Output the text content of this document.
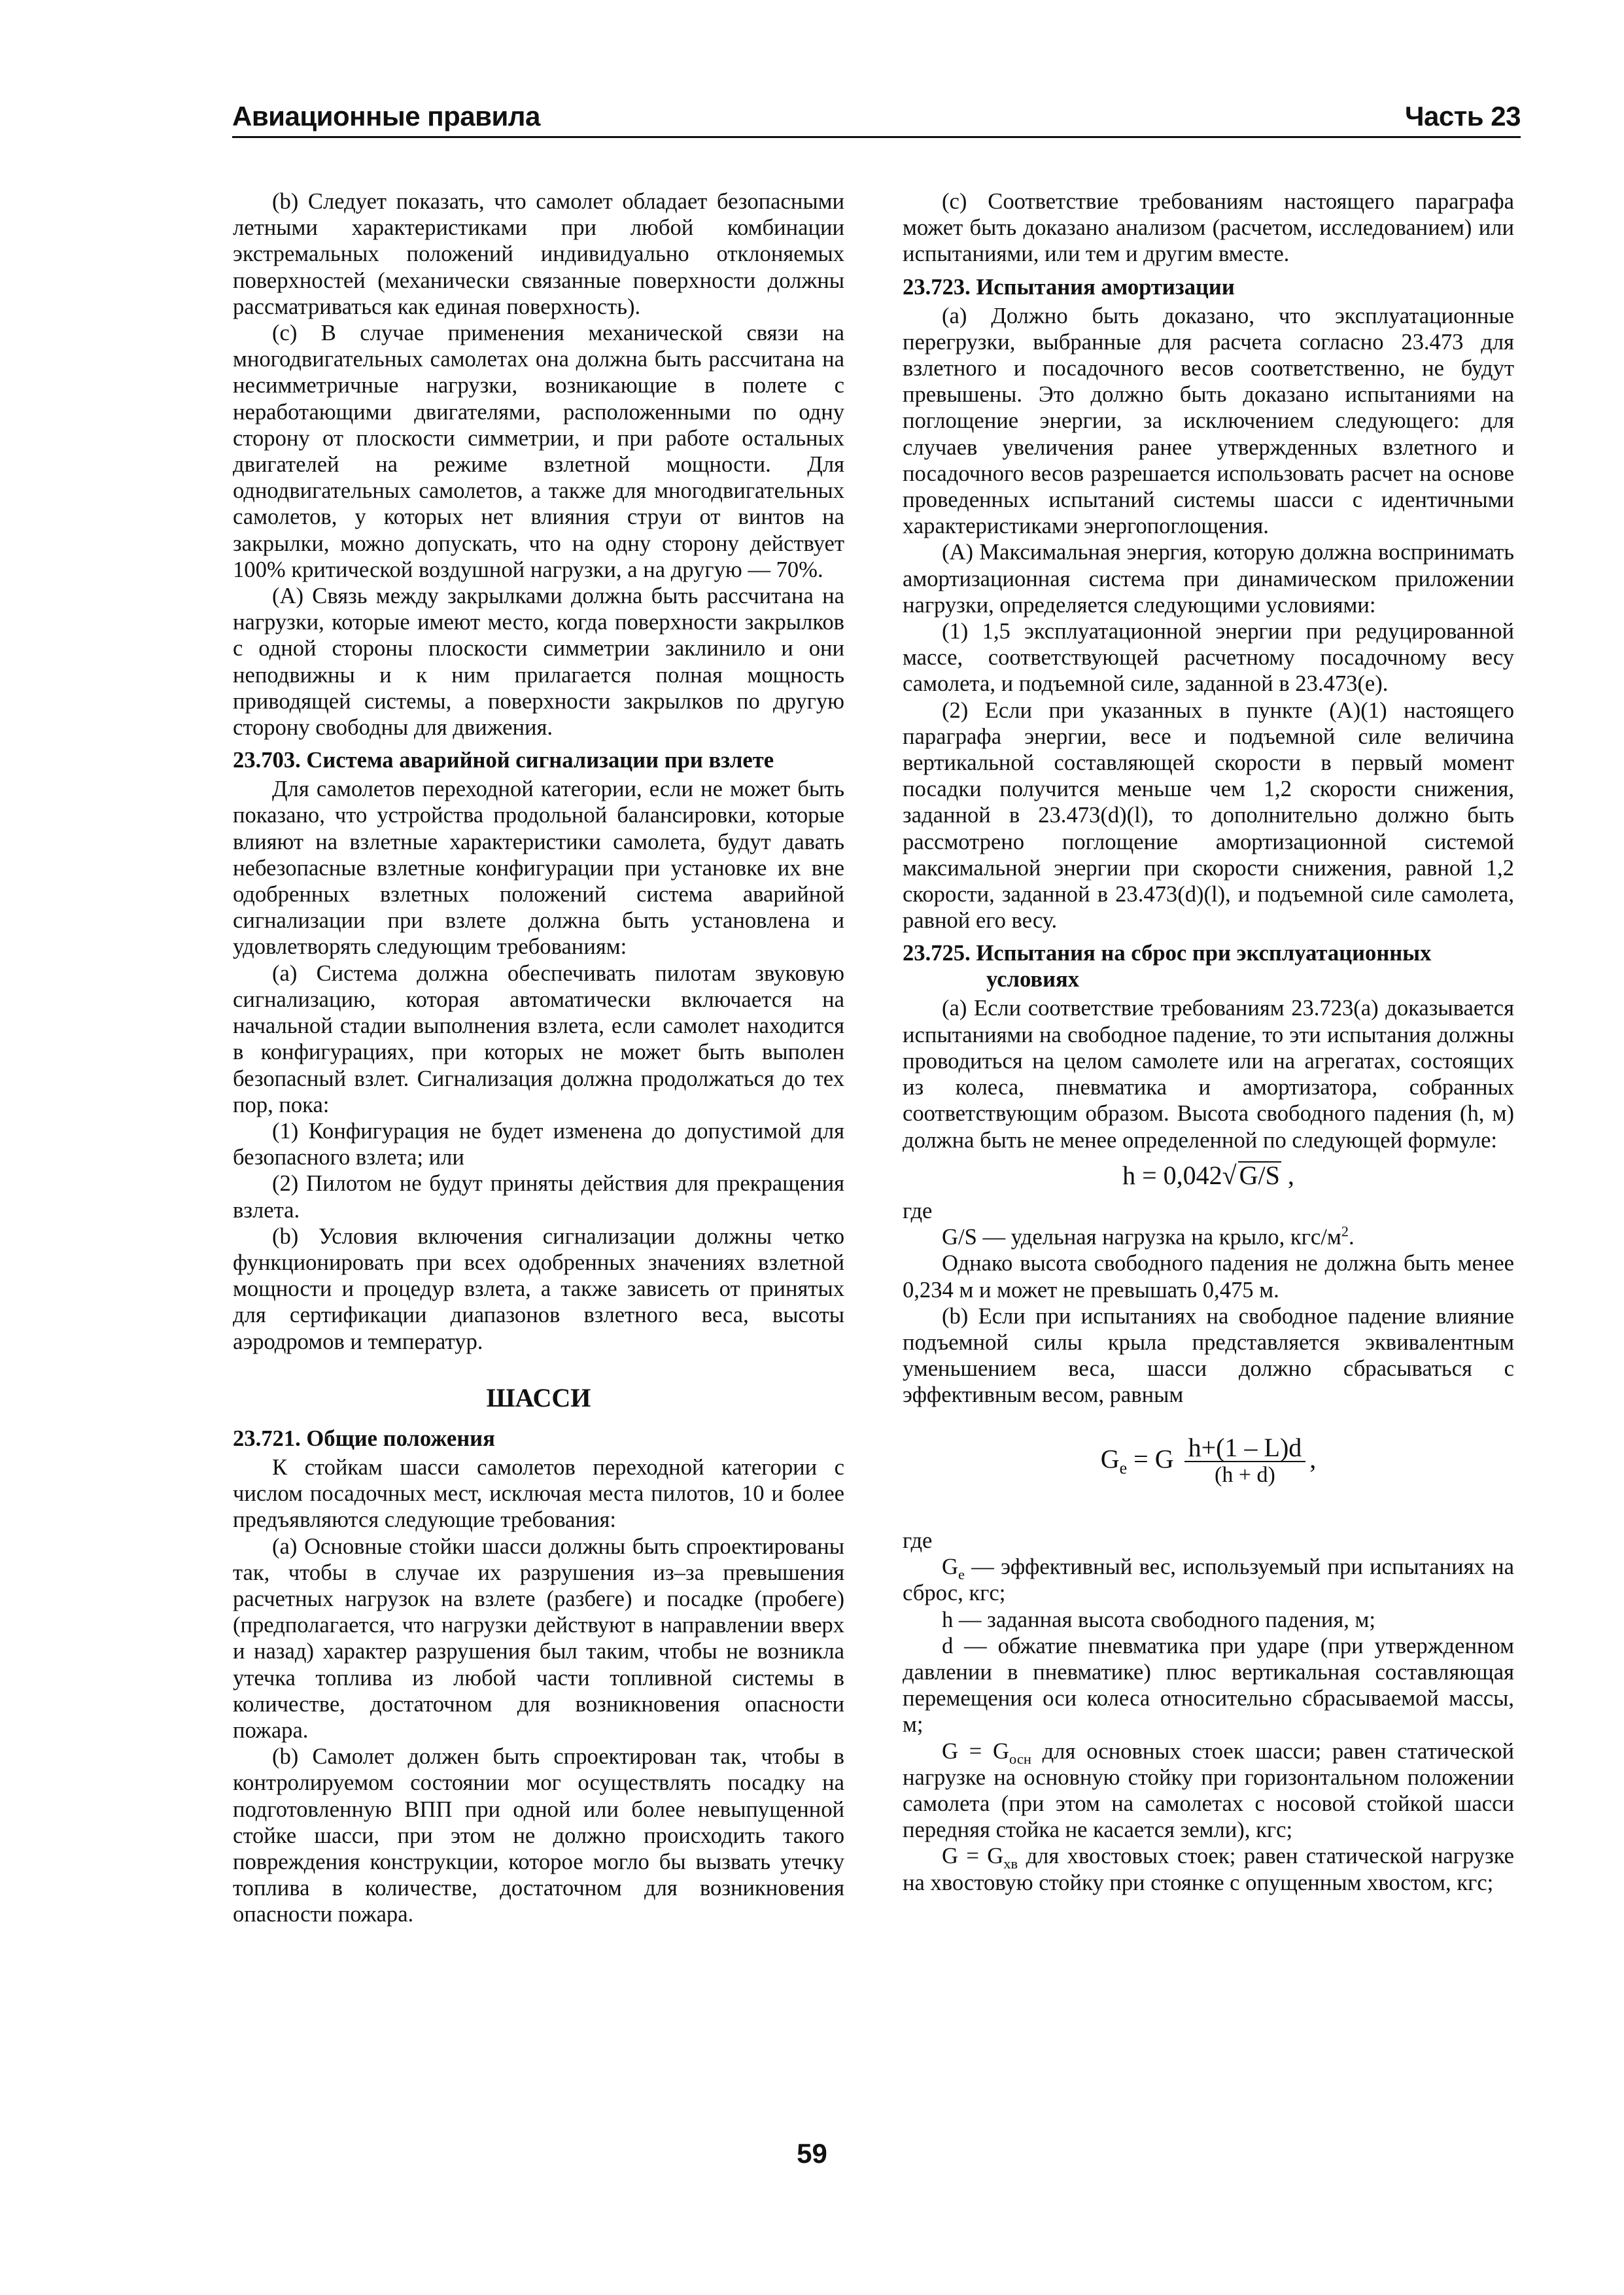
Авиационные правила	Часть 23

(b) Следует показать, что самолет обладает безопасными летными характеристиками при любой комбинации экстремальных положений индивидуально отклоняемых поверхностей (механически связанные поверхности должны рассматриваться как единая поверхность).

(c) В случае применения механической связи на многодвигательных самолетах она должна быть рассчитана на несимметричные нагрузки, возникающие в полете с неработающими двигателями, расположенными по одну сторону от плоскости симметрии, и при работе остальных двигателей на режиме взлетной мощности. Для однодвигательных самолетов, а также для многодвигательных самолетов, у которых нет влияния струи от винтов на закрылки, можно допускать, что на одну сторону действует 100% критической воздушной нагрузки, а на другую — 70%.

(A) Связь между закрылками должна быть рассчитана на нагрузки, которые имеют место, когда поверхности закрылков с одной стороны плоскости симметрии заклинило и они неподвижны и к ним прилагается полная мощность приводящей системы, а поверхности закрылков по другую сторону свободны для движения.

23.703. Система аварийной сигнализации при взлете

Для самолетов переходной категории, если не может быть показано, что устройства продольной балансировки, которые влияют на взлетные характеристики самолета, будут давать небезопасные взлетные конфигурации при установке их вне одобренных взлетных положений система аварийной сигнализации при взлете должна быть установлена и удовлетворять следующим требованиям:

(a) Система должна обеспечивать пилотам звуковую сигнализацию, которая автоматически включается на начальной стадии выполнения взлета, если самолет находится в конфигурациях, при которых не может быть выполен безопасный взлет. Сигнализация должна продолжаться до тех пор, пока:

(1) Конфигурация не будет изменена до допустимой для безопасного взлета; или

(2) Пилотом не будут приняты действия для прекращения взлета.

(b) Условия включения сигнализации должны четко функционировать при всех одобренных значениях взлетной мощности и процедур взлета, а также зависеть от принятых для сертификации диапазонов взлетного веса, высоты аэродромов и температур.

ШАССИ
23.721. Общие положения

К стойкам шасси самолетов переходной категории с числом посадочных мест, исключая места пилотов, 10 и более предъявляются следующие требования:

(a) Основные стойки шасси должны быть спроектированы так, чтобы в случае их разрушения из–за превышения расчетных нагрузок на взлете (разбеге) и посадке (пробеге) (предполагается, что нагрузки действуют в направлении вверх и назад) характер разрушения был таким, чтобы не возникла утечка топлива из любой части топливной системы в количестве, достаточном для возникновения опасности пожара.

(b) Самолет должен быть спроектирован так, чтобы в контролируемом состоянии мог осуществлять посадку на подготовленную ВПП при одной или более невыпущенной стойке шасси, при этом не должно происходить такого повреждения конструкции, которое могло бы вызвать утечку топлива в количестве, достаточном для возникновения опасности пожара.

(c) Соответствие требованиям настоящего параграфа может быть доказано анализом (расчетом, исследованием) или испытаниями, или тем и другим вместе.

23.723. Испытания амортизации

(a) Должно быть доказано, что эксплуатационные перегрузки, выбранные для расчета согласно 23.473 для взлетного и посадочного весов соответственно, не будут превышены. Это должно быть доказано испытаниями на поглощение энергии, за исключением следующего: для случаев увеличения ранее утвержденных взлетного и посадочного весов разрешается использовать расчет на основе проведенных испытаний системы шасси с идентичными характеристиками энергопоглощения.

(A) Максимальная энергия, которую должна воспринимать амортизационная система при динамическом приложении нагрузки, определяется следующими условиями:

(1) 1,5 эксплуатационной энергии при редуцированной массе, соответствующей расчетному посадочному весу самолета, и подъемной силе, заданной в 23.473(e).

(2) Если при указанных в пункте (A)(1) настоящего параграфа энергии, весе и подъемной силе величина вертикальной составляющей скорости в первый момент посадки получится меньше чем 1,2 скорости снижения, заданной в 23.473(d)(l), то дополнительно должно быть рассмотрено поглощение амортизационной системой максимальной энергии при скорости снижения, равной 1,2 скорости, заданной в 23.473(d)(l), и подъемной силе самолета, равной его весу.

23.725. Испытания на сброс при эксплуатационных условиях

(a) Если соответствие требованиям 23.723(a) доказывается испытаниями на свободное падение, то эти испытания должны проводиться на целом самолете или на агрегатах, состоящих из колеса, пневматика и амортизатора, собранных соответствующим образом. Высота свободного падения (h, м) должна быть не менее определенной по следующей формуле:

h = 0,042√ G/S ,

где

G/S — удельная нагрузка на крыло, кгс/$м^2$.

Однако высота свободного падения не должна быть менее 0,234 м и может не превышать 0,475 м.

(b) Если при испытаниях на свободное падение влияние подъемной силы крыла представляется эквивалентным уменьшением веса, шасси должно сбрасываться с эффективным весом, равным

$G_e = G \frac{h+(1 - L)d}{(h + d)}$ ,

где

$G_e$ — эффективный вес, используемый при испытаниях на сброс, кгс;

h — заданная высота свободного падения, м;

d — обжатие пневматика при ударе (при утвержденном давлении в пневматике) плюс вертикальная составляющая перемещения оси колеса относительно сбрасываемой массы, м;

$G = G_{осн}$ для основных стоек шасси; равен статической нагрузке на основную стойку при горизонтальном положении самолета (при этом на самолетах с носовой стойкой шасси передняя стойка не касается земли), кгс;

$G = G_{хв}$ для хвостовых стоек; равен статической нагрузке на хвостовую стойку при стоянке с опущенным хвостом, кгс;

59
